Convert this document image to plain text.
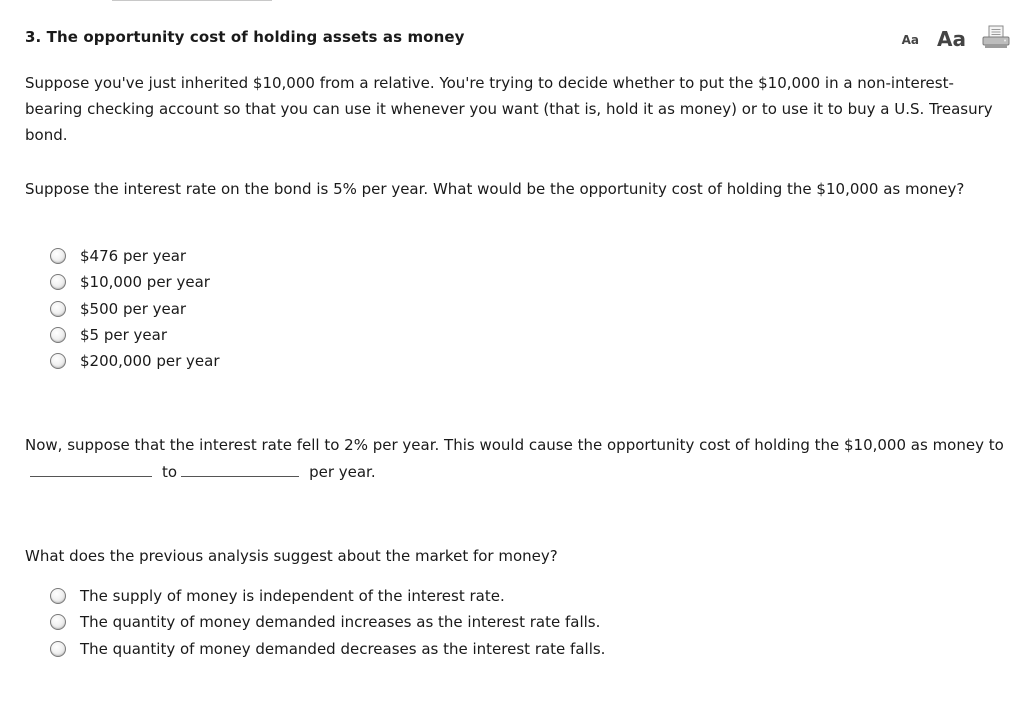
3. The opportunity cost of holding assets as money	Aa Aa

Suppose you've just inherited $10,000 from a relative. You're trying to decide whether to put the $10,000 in a non-interest-bearing checking account so that you can use it whenever you want (that is, hold it as money) or to use it to buy a U.S. Treasury bond.

Suppose the interest rate on the bond is 5% per year. What would be the opportunity cost of holding the $10,000 as money?

$476 per year
$10,000 per year
$500 per year
$5 per year
$200,000 per year

Now, suppose that the interest rate fell to 2% per year. This would cause the opportunity cost of holding the $10,000 as money toto	per year.

What does the previous analysis suggest about the market for money?

The supply of money is independent of the interest rate.
The quantity of money demanded increases as the interest rate falls.
The quantity of money demanded decreases as the interest rate falls.
